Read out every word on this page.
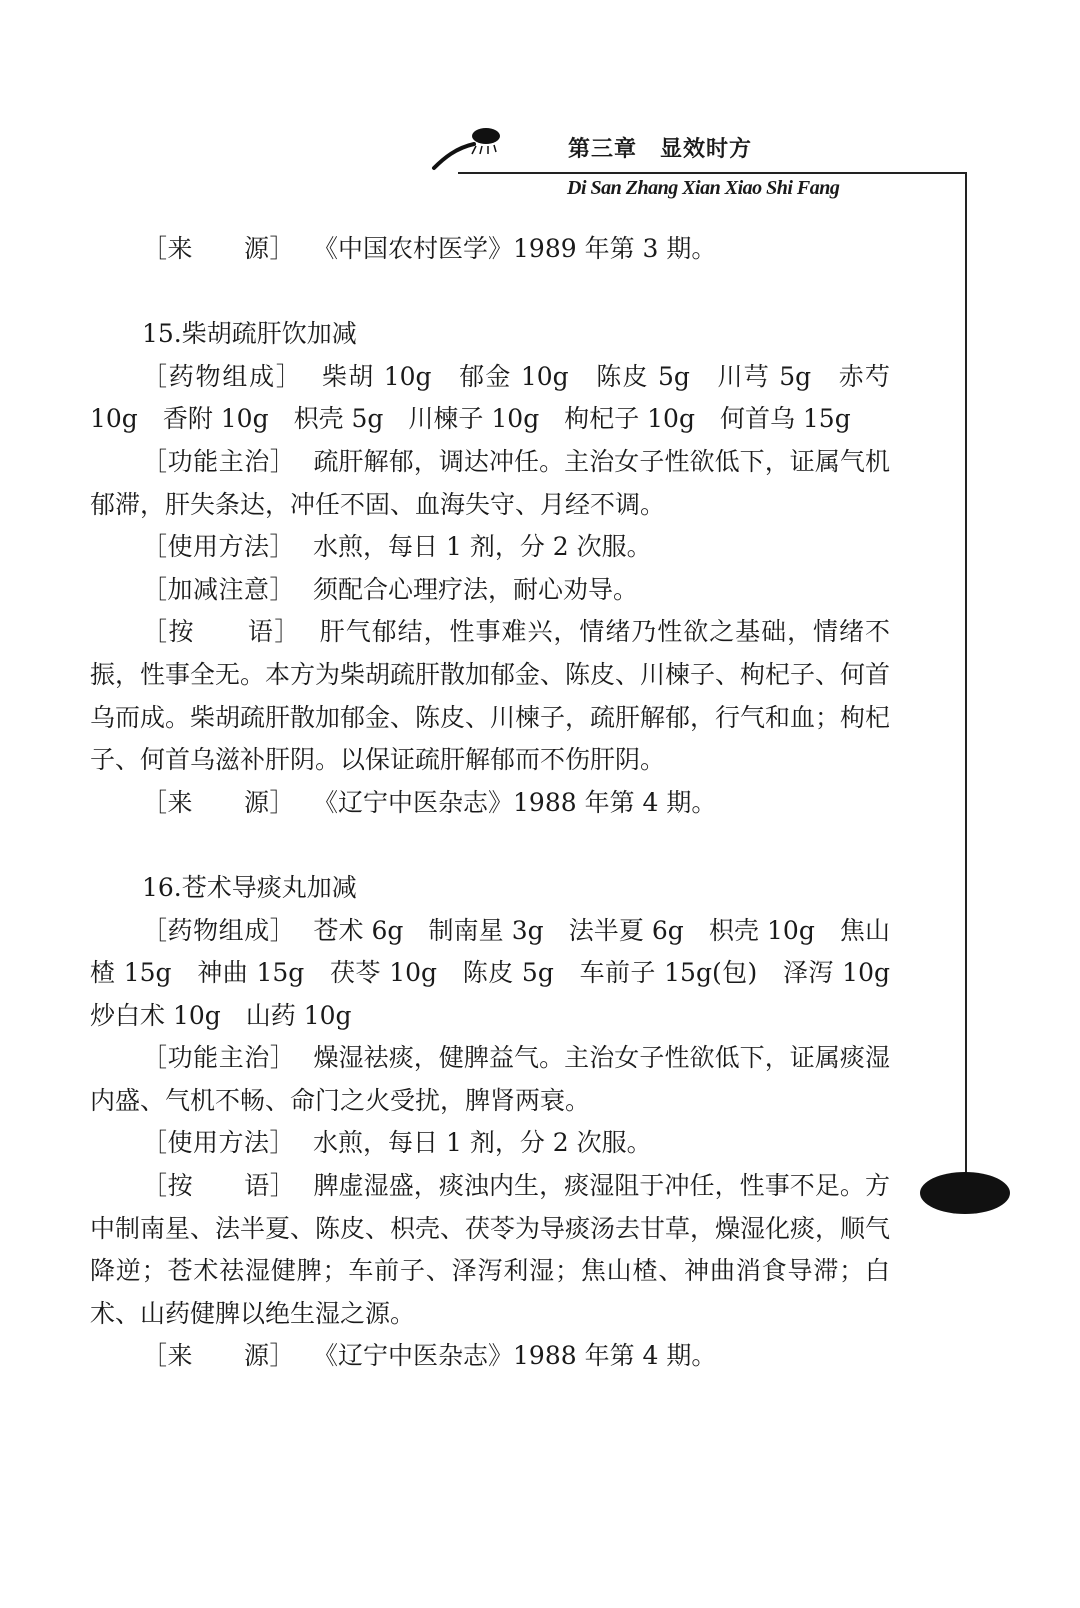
第三章　显效时方
Di San Zhang Xian Xiao Shi Fang

［来　　源］ 《中国农村医学》1989 年第 3 期。

15.柴胡疏肝饮加减

［药物组成］ 柴胡 10g　郁金 10g　陈皮 5g　川芎 5g　赤芍 10g　香附 10g　枳壳 5g　川楝子 10g　枸杞子 10g　何首乌 15g

［功能主治］ 疏肝解郁，调达冲任。主治女子性欲低下，证属气机郁滞，肝失条达，冲任不固、血海失守、月经不调。

［使用方法］ 水煎，每日 1 剂，分 2 次服。

［加减注意］ 须配合心理疗法，耐心劝导。

［按　　语］ 肝气郁结，性事难兴，情绪乃性欲之基础，情绪不振，性事全无。本方为柴胡疏肝散加郁金、陈皮、川楝子、枸杞子、何首乌而成。柴胡疏肝散加郁金、陈皮、川楝子，疏肝解郁，行气和血；枸杞子、何首乌滋补肝阴。以保证疏肝解郁而不伤肝阴。

［来　　源］ 《辽宁中医杂志》1988 年第 4 期。

16.苍术导痰丸加减

［药物组成］ 苍术 6g　制南星 3g　法半夏 6g　枳壳 10g　焦山楂 15g　神曲 15g　茯苓 10g　陈皮 5g　车前子 15g(包)　泽泻 10g　炒白术 10g　山药 10g

［功能主治］ 燥湿祛痰，健脾益气。主治女子性欲低下，证属痰湿内盛、气机不畅、命门之火受扰，脾肾两衰。

［使用方法］ 水煎，每日 1 剂，分 2 次服。

［按　　语］ 脾虚湿盛，痰浊内生，痰湿阻于冲任，性事不足。方中制南星、法半夏、陈皮、枳壳、茯苓为导痰汤去甘草，燥湿化痰，顺气降逆；苍术祛湿健脾；车前子、泽泻利湿；焦山楂、神曲消食导滞；白术、山药健脾以绝生湿之源。

［来　　源］ 《辽宁中医杂志》1988 年第 4 期。
